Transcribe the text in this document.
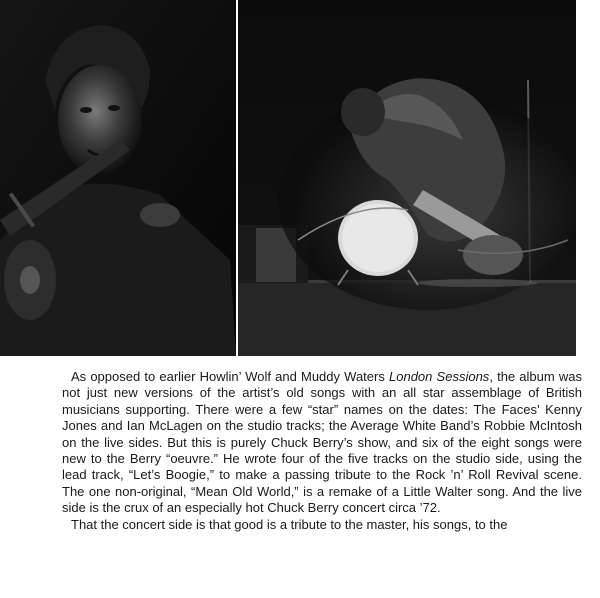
As opposed to earlier Howlin’ Wolf and Muddy Waters London Sessions, the album was not just new versions of the artist’s old songs with an all star assemblage of British musicians supporting. There were a few “star” names on the dates: The Faces’ Kenny Jones and Ian McLagen on the studio tracks; the Average White Band’s Robbie McIntosh on the live sides. But this is purely Chuck Berry’s show, and six of the eight songs were new to the Berry “oeuvre.” He wrote four of the five tracks on the studio side, using the lead track, “Let’s Boogie,” to make a passing tribute to the Rock ’n’ Roll Revival scene. The one non-original, “Mean Old World,” is a remake of a Little Walter song. And the live side is the crux of an especially hot Chuck Berry concert circa ’72.

That the concert side is that good is a tribute to the master, his songs, to the
